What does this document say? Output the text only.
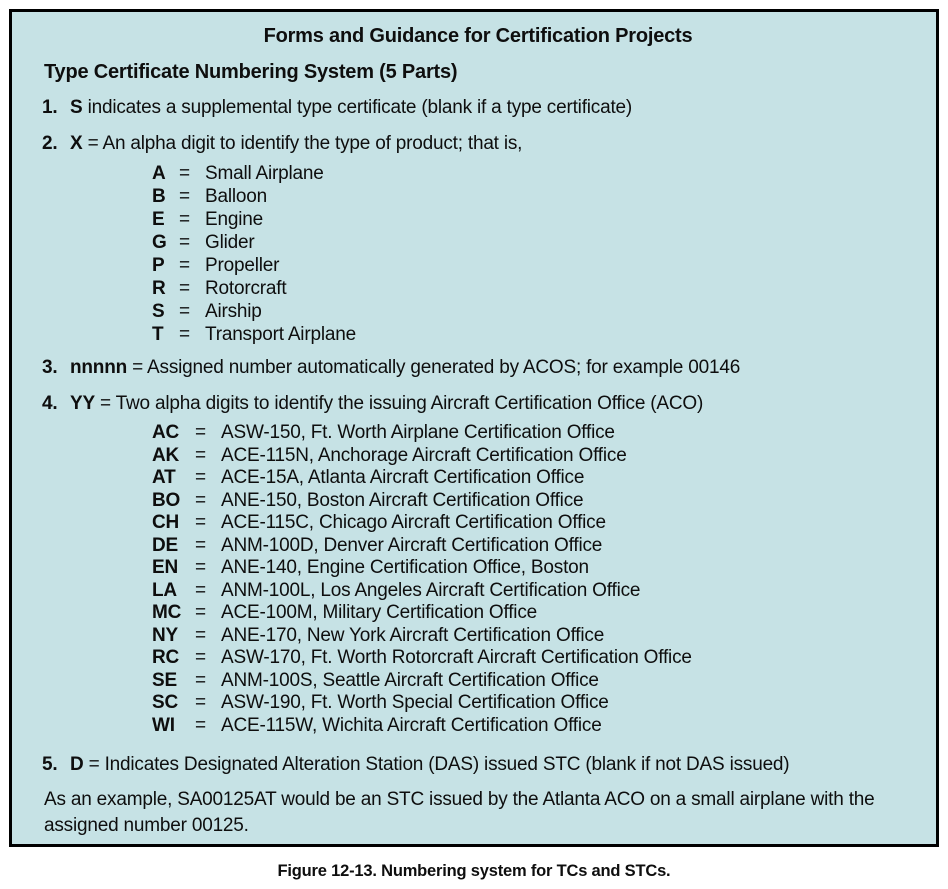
Forms and Guidance for Certification Projects
Type Certificate Numbering System (5 Parts)
1. S indicates a supplemental type certificate (blank if a type certificate)
2. X = An alpha digit to identify the type of product; that is,
A = Small Airplane
B = Balloon
E = Engine
G = Glider
P = Propeller
R = Rotorcraft
S = Airship
T = Transport Airplane
3. nnnnn = Assigned number automatically generated by ACOS; for example 00146
4. YY = Two alpha digits to identify the issuing Aircraft Certification Office (ACO)
AC = ASW-150, Ft. Worth Airplane Certification Office
AK = ACE-115N, Anchorage Aircraft Certification Office
AT	= ACE-15A, Atlanta Aircraft Certification Office
BO = ANE-150, Boston Aircraft Certification Office
CH = ACE-115C, Chicago Aircraft Certification Office
DE = ANM-100D, Denver Aircraft Certification Office
EN = ANE-140, Engine Certification Office, Boston
LA = ANM-100L, Los Angeles Aircraft Certification Office
MC = ACE-100M, Military Certification Office
NY = ANE-170, New York Aircraft Certification Office
RC = ASW-170, Ft. Worth Rotorcraft Aircraft Certification Office
SE = ANM-100S, Seattle Aircraft Certification Office
SC = ASW-190, Ft. Worth Special Certification Office
WI	= ACE-115W, Wichita Aircraft Certification Office
5. D = Indicates Designated Alteration Station (DAS) issued STC (blank if not DAS issued)
As an example, SA00125AT would be an STC issued by the Atlanta ACO on a small airplane with the assigned number 00125.
Figure 12-13. Numbering system for TCs and STCs.
